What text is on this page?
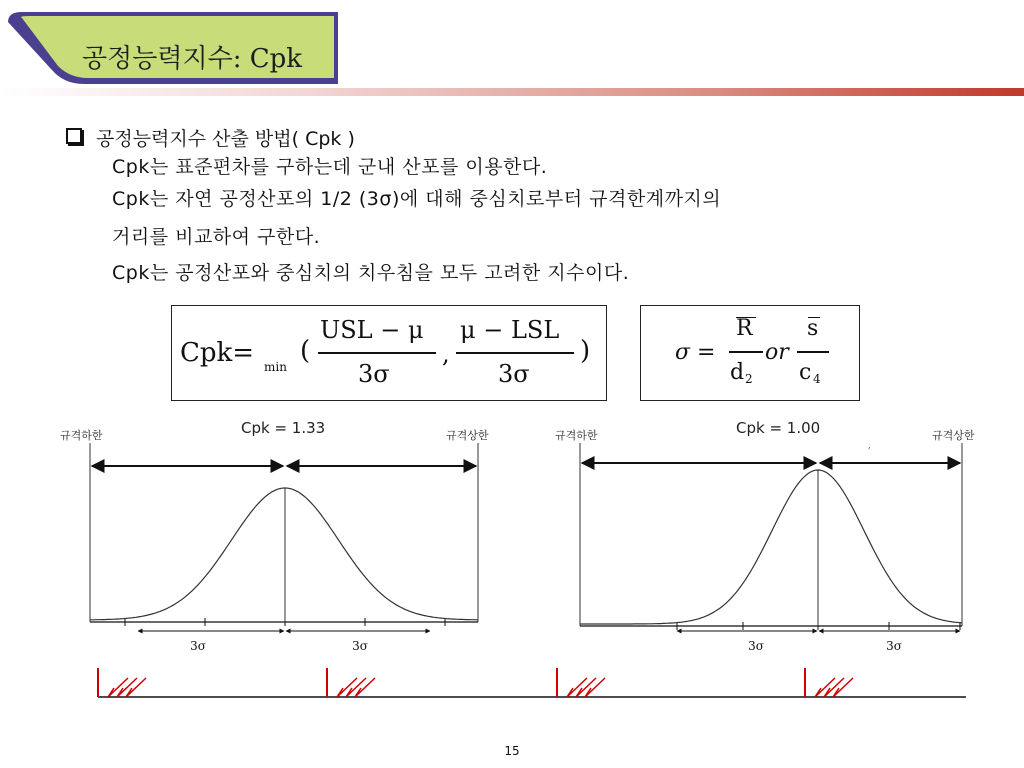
공정능력지수: Cpk
공정능력지수 산출 방법( Cpk )
Cpk는 표준편차를 구하는데 군내 산포를 이용한다.
Cpk는 자연 공정산포의 1/2 (3σ)에 대해 중심치로부터 규격한계까지의
거리를 비교하여 구한다.
Cpk는 공정산포와 중심치의 치우침을 모두 고려한 지수이다.
Cpk= min
(
USL − μ
3σ
,
μ − LSL
3σ
)	σ =
R
d 2
or
s
c 4
규격하한	Cpk = 1.33	규격상한	규격하한	Cpk = 1.00	규격상한
3σ	3σ	3σ	3σ
,
15
